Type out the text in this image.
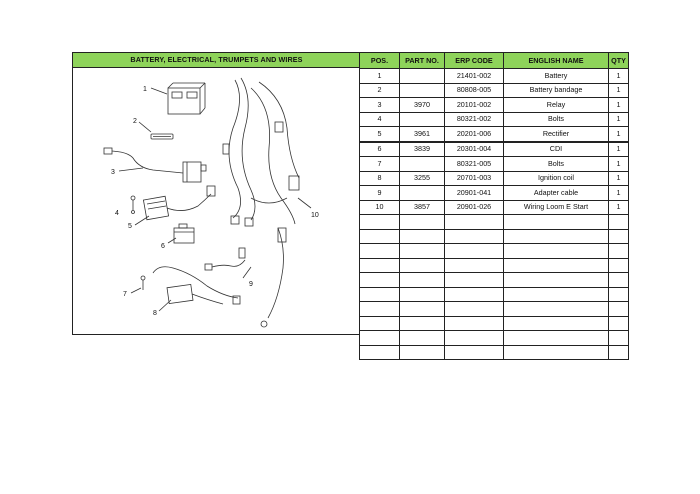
BATTERY, ELECTRICAL, TRUMPETS AND WIRES
1
2
3
4
5
6
7
8
9
10
POS.	PART NO.	ERP CODE	ENGLISH NAME	QTY
1		21401-002	Battery	1
2		80808-005	Battery bandage	1
3	3970	20101-002	Relay	1
4		80321-002	Bolts	1
5	3961	20201-006	Rectifier	1
6	3839	20301-004	CDI	1
7		80321-005	Bolts	1
8	3255	20701-003	Ignition coil	1
9		20901-041	Adapter cable	1
10	3857	20901-026	Wiring Loom E Start	1
